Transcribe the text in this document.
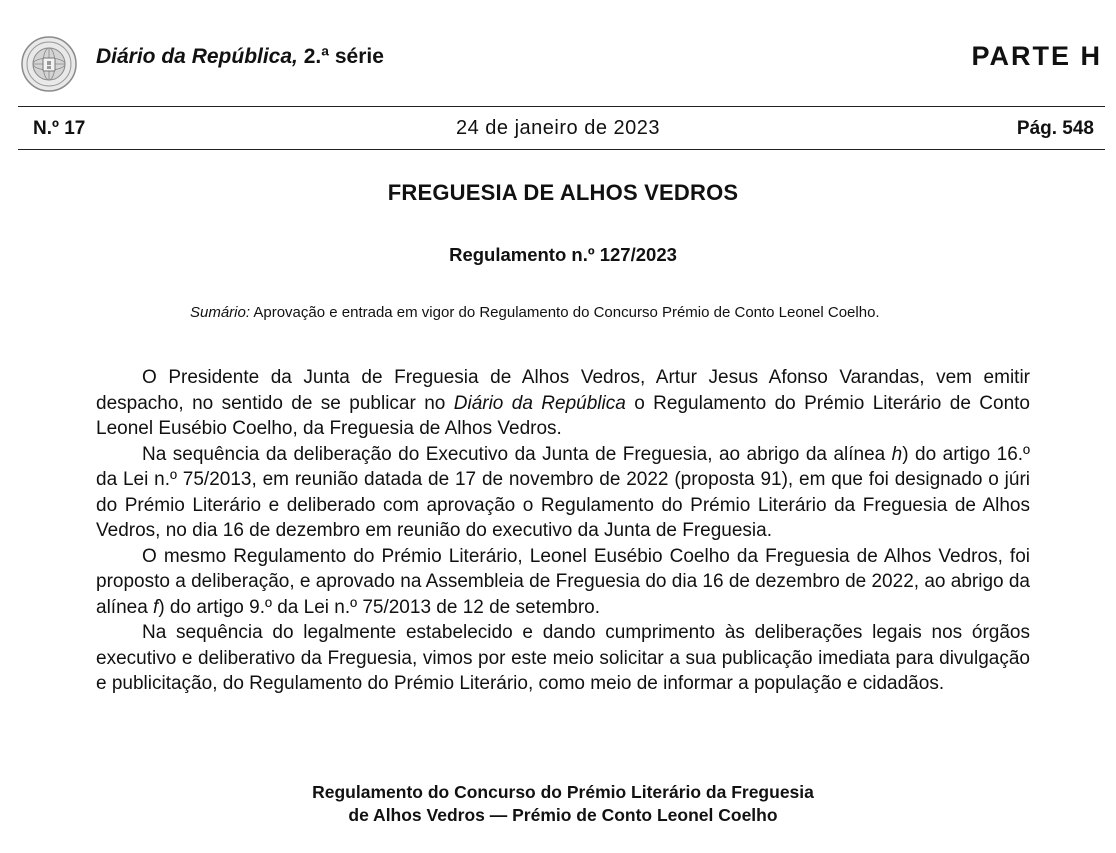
Diário da República, 2.ª série	PARTE H
N.º 17	24 de janeiro de 2023	Pág. 548
FREGUESIA DE ALHOS VEDROS
Regulamento n.º 127/2023
Sumário: Aprovação e entrada em vigor do Regulamento do Concurso Prémio de Conto Leonel Coelho.

O Presidente da Junta de Freguesia de Alhos Vedros, Artur Jesus Afonso Varandas, vem emitir despacho, no sentido de se publicar no Diário da República o Regulamento do Prémio Literário de Conto Leonel Eusébio Coelho, da Freguesia de Alhos Vedros.

Na sequência da deliberação do Executivo da Junta de Freguesia, ao abrigo da alínea h) do artigo 16.º da Lei n.º 75/2013, em reunião datada de 17 de novembro de 2022 (proposta 91), em que foi designado o júri do Prémio Literário e deliberado com aprovação o Regulamento do Prémio Literário da Freguesia de Alhos Vedros, no dia 16 de dezembro em reunião do executivo da Junta de Freguesia.

O mesmo Regulamento do Prémio Literário, Leonel Eusébio Coelho da Freguesia de Alhos Vedros, foi proposto a deliberação, e aprovado na Assembleia de Freguesia do dia 16 de dezembro de 2022, ao abrigo da alínea f) do artigo 9.º da Lei n.º 75/2013 de 12 de setembro.

Na sequência do legalmente estabelecido e dando cumprimento às deliberações legais nos órgãos executivo e deliberativo da Freguesia, vimos por este meio solicitar a sua publicação imediata para divulgação e publicitação, do Regulamento do Prémio Literário, como meio de informar a população e cidadãos.

Regulamento do Concurso do Prémio Literário da Freguesia
de Alhos Vedros — Prémio de Conto Leonel Coelho
